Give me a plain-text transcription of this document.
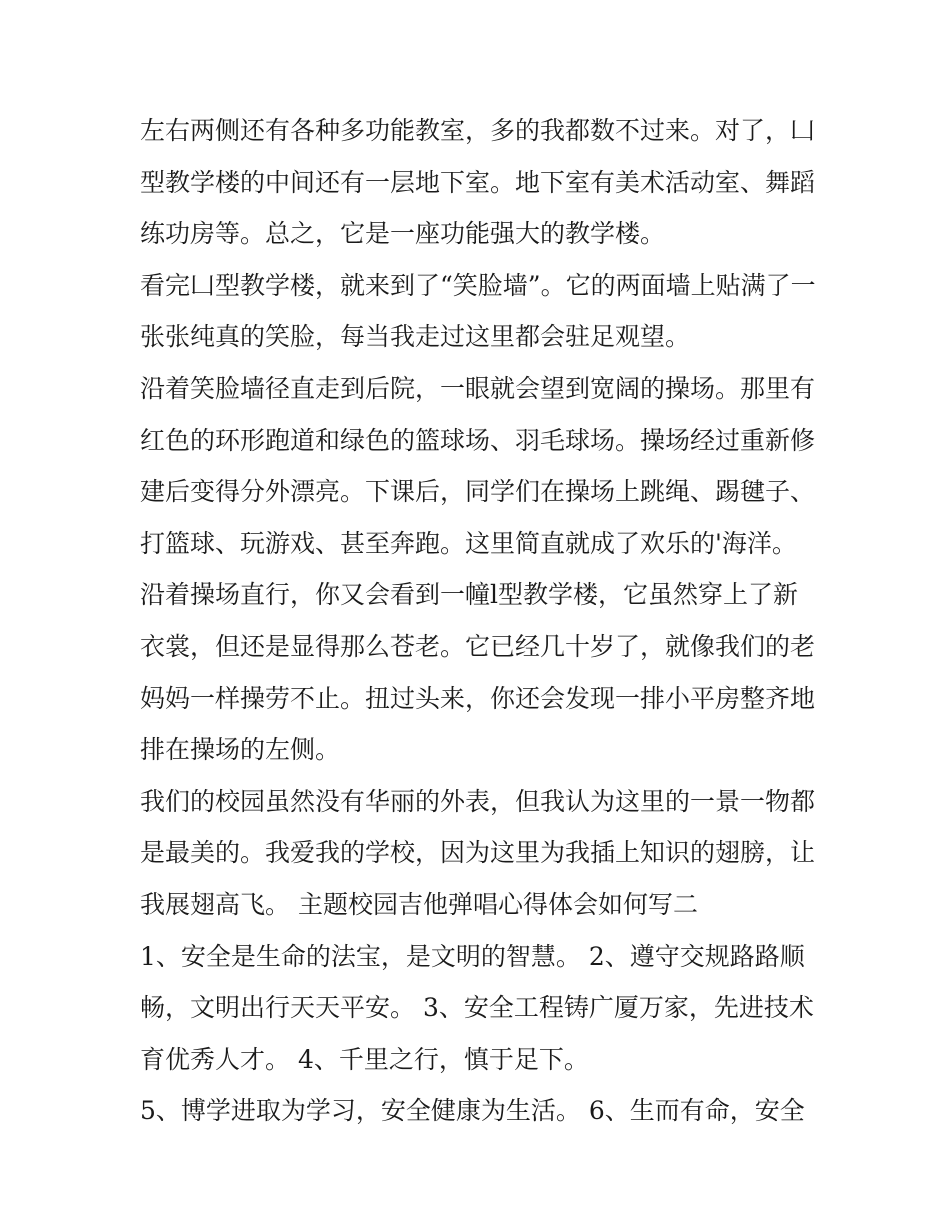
左右两侧还有各种多功能教室，多的我都数不过来。对了，凵
型教学楼的中间还有一层地下室。地下室有美术活动室、舞蹈
练功房等。总之，它是一座功能强大的教学楼。
看完凵型教学楼，就来到了“笑脸墙”。它的两面墙上贴满了一
张张纯真的笑脸，每当我走过这里都会驻足观望。
沿着笑脸墙径直走到后院，一眼就会望到宽阔的操场。那里有
红色的环形跑道和绿色的篮球场、羽毛球场。操场经过重新修
建后变得分外漂亮。下课后，同学们在操场上跳绳、踢毽子、
打篮球、玩游戏、甚至奔跑。这里简直就成了欢乐的'海洋。
沿着操场直行，你又会看到一幢l型教学楼，它虽然穿上了新
衣裳，但还是显得那么苍老。它已经几十岁了，就像我们的老
妈妈一样操劳不止。扭过头来，你还会发现一排小平房整齐地
排在操场的左侧。
我们的校园虽然没有华丽的外表，但我认为这里的一景一物都
是最美的。我爱我的学校，因为这里为我插上知识的翅膀，让
我展翅高飞。 主题校园吉他弹唱心得体会如何写二
1、安全是生命的法宝，是文明的智慧。 2、遵守交规路路顺
畅，文明出行天天平安。 3、安全工程铸广厦万家，先进技术
育优秀人才。 4、千里之行，慎于足下。
5、博学进取为学习，安全健康为生活。 6、生而有命，安全
